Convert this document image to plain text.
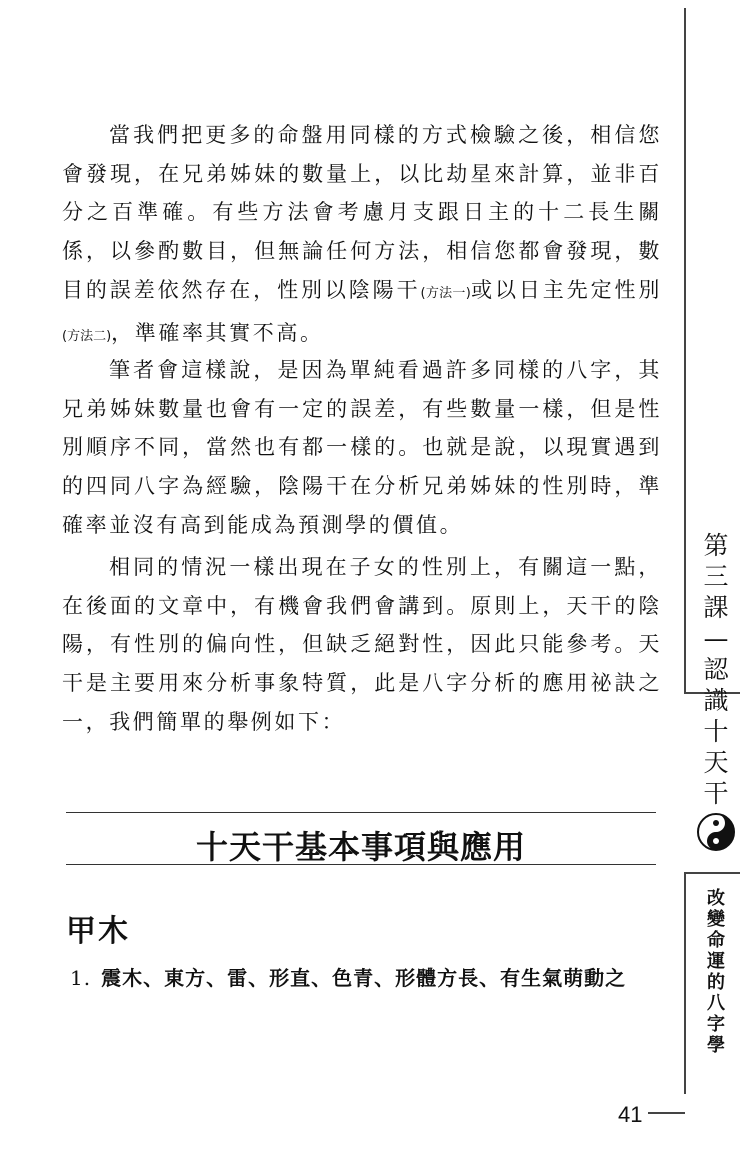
當我們把更多的命盤用同樣的方式檢驗之後，相信您會發現，在兄弟姊妹的數量上，以比劫星來計算，並非百分之百準確。有些方法會考慮月支跟日主的十二長生關係，以參酌數目，但無論任何方法，相信您都會發現，數目的誤差依然存在，性別以陰陽干(方法一)或以日主先定性別(方法二)，準確率其實不高。

筆者會這樣說，是因為單純看過許多同樣的八字，其兄弟姊妹數量也會有一定的誤差，有些數量一樣，但是性別順序不同，當然也有都一樣的。也就是說，以現實遇到的四同八字為經驗，陰陽干在分析兄弟姊妹的性別時，準確率並沒有高到能成為預測學的價值。

相同的情況一樣出現在子女的性別上，有關這一點，在後面的文章中，有機會我們會講到。原則上，天干的陰陽，有性別的偏向性，但缺乏絕對性，因此只能參考。天干是主要用來分析事象特質，此是八字分析的應用祕訣之一，我們簡單的舉例如下：

十天干基本事項與應用
甲木
1. 震木、東方、雷、形直、色青、形體方長、有生氣萌動之
第
三
課
—
認
識
十
天
干
改
變
命
運
的
八
字
學
41
